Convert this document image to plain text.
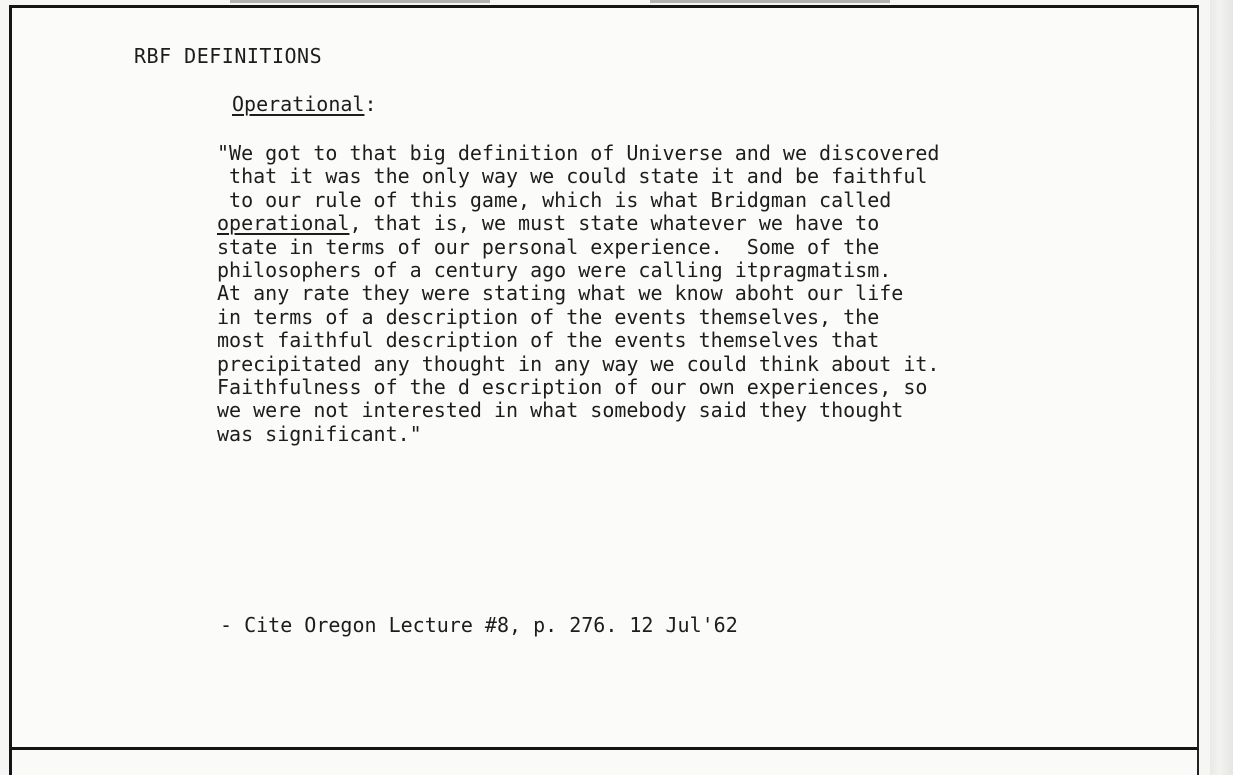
RBF DEFINITIONS
Operational:
"We got to that big definition of Universe and we discovered
that it was the only way we could state it and be faithful
to our rule of this game, which is what Bridgman called
operational, that is, we must state whatever we have to
state in terms of our personal experience.  Some of the
philosophers of a century ago were calling itpragmatism.
At any rate they were stating what we know aboht our life
in terms of a description of the events themselves, the
most faithful description of the events themselves that
precipitated any thought in any way we could think about it.
Faithfulness of the d escription of our own experiences, so
we were not interested in what somebody said they thought
was significant."
- Cite Oregon Lecture #8, p. 276. 12 Jul'62
